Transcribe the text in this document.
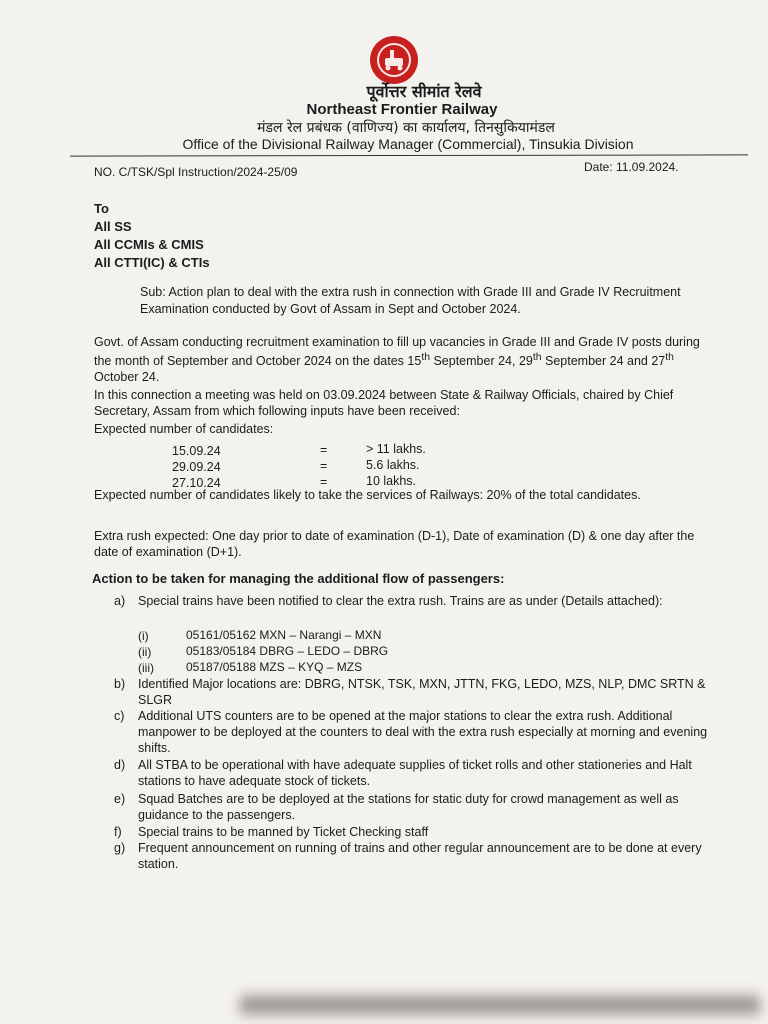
पूर्वोत्तर सीमांत रेलवे
Northeast Frontier Railway
मंडल रेल प्रबंधक (वाणिज्य) का कार्यालय, तिनसुकियामंडल
Office of the Divisional Railway Manager (Commercial), Tinsukia Division
NO. C/TSK/Spl Instruction/2024-25/09	Date: 11.09.2024.
To
All SS
All CCMIs & CMIS
All CTTI(IC) & CTIs
Sub: Action plan to deal with the extra rush in connection with Grade III and Grade IV Recruitment Examination conducted by Govt of Assam in Sept and October 2024.
Govt. of Assam conducting recruitment examination to fill up vacancies in Grade III and Grade IV posts during the month of September and October 2024 on the dates 15th September 24, 29th September 24 and 27th October 24.
In this connection a meeting was held on 03.09.2024 between State & Railway Officials, chaired by Chief Secretary, Assam from which following inputs have been received:
Expected number of candidates:
15.09.24	=	> 11 lakhs.
29.09.24	=	5.6 lakhs.
27.10.24	=	10 lakhs.
Expected number of candidates likely to take the services of Railways: 20% of the total candidates.
Extra rush expected: One day prior to date of examination (D-1), Date of examination (D) & one day after the date of examination (D+1).
Action to be taken for managing the additional flow of passengers:
a) Special trains have been notified to clear the extra rush. Trains are as under (Details attached):
(i)	05161/05162 MXN – Narangi – MXN
(ii)	05183/05184 DBRG – LEDO – DBRG
(iii)	05187/05188 MZS – KYQ – MZS
b) Identified Major locations are: DBRG, NTSK, TSK, MXN, JTTN, FKG, LEDO, MZS, NLP, DMC SRTN & SLGR
c) Additional UTS counters are to be opened at the major stations to clear the extra rush. Additional manpower to be deployed at the counters to deal with the extra rush especially at morning and evening shifts.
d) All STBA to be operational with have adequate supplies of ticket rolls and other stationeries and Halt stations to have adequate stock of tickets.
e) Squad Batches are to be deployed at the stations for static duty for crowd management as well as guidance to the passengers.
f) Special trains to be manned by Ticket Checking staff
g) Frequent announcement on running of trains and other regular announcement are to be done at every station.
